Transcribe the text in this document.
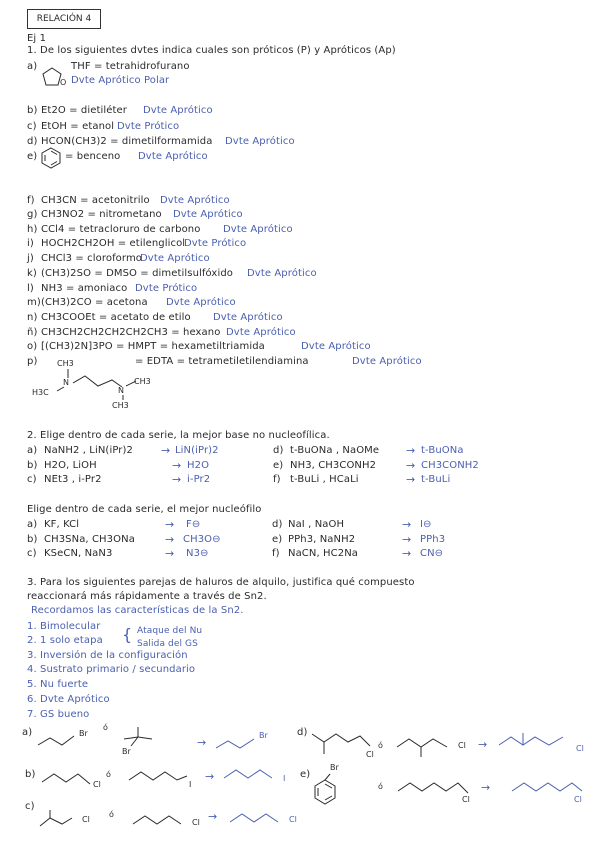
RELACIÓN 4
Ej 1
1. De los siguientes dvtes indica cuales son próticos (P) y Apróticos (Ap)
a)
O
THF = tetrahidrofurano
Dvte Aprótico Polar
b) Et2O = dietiléter Dvte Aprótico
c) EtOH = etanol Dvte Prótico
d) HCON(CH3)2 = dimetilformamida Dvte Aprótico
e)	= benceno Dvte Aprótico
f) CH3CN = acetonitrilo Dvte Aprótico
g) CH3NO2 = nitrometano Dvte Aprótico
h) CCl4 = tetracloruro de carbono Dvte Aprótico
i) HOCH2CH2OH = etilenglicol
Dvte Prótico
j) CHCl3 = cloroformo
Dvte Aprótico
k) (CH3)2SO = DMSO = dimetilsulfóxido Dvte Aprótico
l) NH3 = amoniaco Dvte Prótico
m) (CH3)2CO = acetona Dvte Aprótico
n) CH3COOEt = acetato de etilo Dvte Aprótico
ñ) CH3CH2CH2CH2CH2CH3 = hexano Dvte Aprótico
o) [(CH3)2N]3PO = HMPT = hexametiltriamida	Dvte Aprótico
p)	= EDTA = tetrametiletilendiamina	Dvte Aprótico
CH3
N
H3C	N
CH3
CH3
2. Elige dentro de cada serie, la mejor base no nucleofílica.
a) NaNH2 , LiN(iPr)2	→ LiN(iPr)2	d) t-BuONa , NaOMe → t-BuONa
b) H2O, LiOH	→ H2O	e) NH3, CH3CONH2	→ CH3CONH2
c) NEt3 , i-Pr2	→ i-Pr2	f) t-BuLi , HCaLi	→ t-BuLi
Elige dentro de cada serie, el mejor nucleófilo
a) KF, KCl	→ F⊖	d) NaI , NaOH	→ I⊖
b) CH3SNa, CH3ONa	→ CH3O⊖	e) PPh3, NaNH2	→ PPh3
c) KSeCN, NaN3	→ N3⊖	f) NaCN, HC2Na	→ CN⊖
3. Para los siguientes parejas de haluros de alquilo, justifica qué compuesto
reaccionará más rápidamente a través de Sn2.
Recordamos las características de la Sn2.
1. Bimolecular
2. 1 solo etapa { Ataque del Nu
Salida del GS
3. Inversión de la configuración
4. Sustrato primario / secundario
5. Nu fuerte
6. Dvte Aprótico
7. GS bueno
a)	Br
ó
Br
→
Br	d)
Cl
ó	Cl →	Cl
b)
Cl
ó
I
→	I e)
Br
ó
Cl
→
Cl
c)
Cl
ó
Cl →	Cl
